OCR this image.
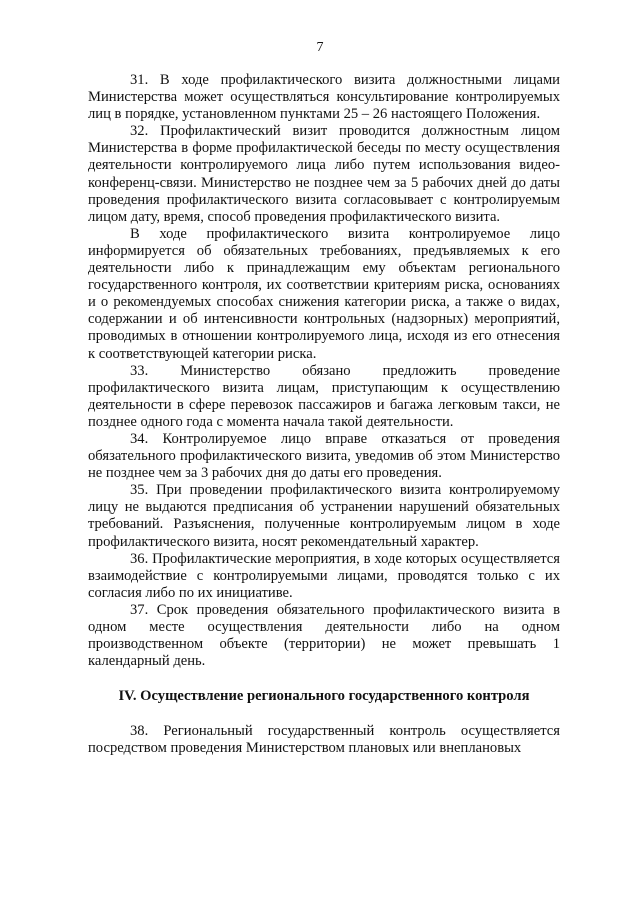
7

31. В ходе профилактического визита должностными лицами Министерства может осуществляться консультирование контролируемых лиц в порядке, установленном пунктами 25 – 26 настоящего Положения.

32. Профилактический визит проводится должностным лицом Министерства в форме профилактической беседы по месту осуществления деятельности контролируемого лица либо путем использования видео-конференц-связи. Министерство не позднее чем за 5 рабочих дней до даты проведения профилактического визита согласовывает с контролируемым лицом дату, время, способ проведения профилактического визита.

В ходе профилактического визита контролируемое лицо информируется об обязательных требованиях, предъявляемых к его деятельности либо к принадлежащим ему объектам регионального государственного контроля, их соответствии критериям риска, основаниях и о рекомендуемых способах снижения категории риска, а также о видах, содержании и об интенсивности контрольных (надзорных) мероприятий, проводимых в отношении контролируемого лица, исходя из его отнесения к соответствующей категории риска.

33. Министерство обязано предложить проведение профилактического визита лицам, приступающим к осуществлению деятельности в сфере перевозок пассажиров и багажа легковым такси, не позднее одного года с момента начала такой деятельности.

34. Контролируемое лицо вправе отказаться от проведения обязательного профилактического визита, уведомив об этом Министерство не позднее чем за 3 рабочих дня до даты его проведения.

35. При проведении профилактического визита контролируемому лицу не выдаются предписания об устранении нарушений обязательных требований. Разъяснения, полученные контролируемым лицом в ходе профилактического визита, носят рекомендательный характер.

36. Профилактические мероприятия, в ходе которых осуществляется взаимодействие с контролируемыми лицами, проводятся только с их согласия либо по их инициативе.

37. Срок проведения обязательного профилактического визита в одном месте осуществления деятельности либо на одном производственном объекте (территории) не может превышать 1 календарный день.

IV. Осуществление регионального государственного контроля

38. Региональный государственный контроль осуществляется посредством проведения Министерством плановых или внеплановых
